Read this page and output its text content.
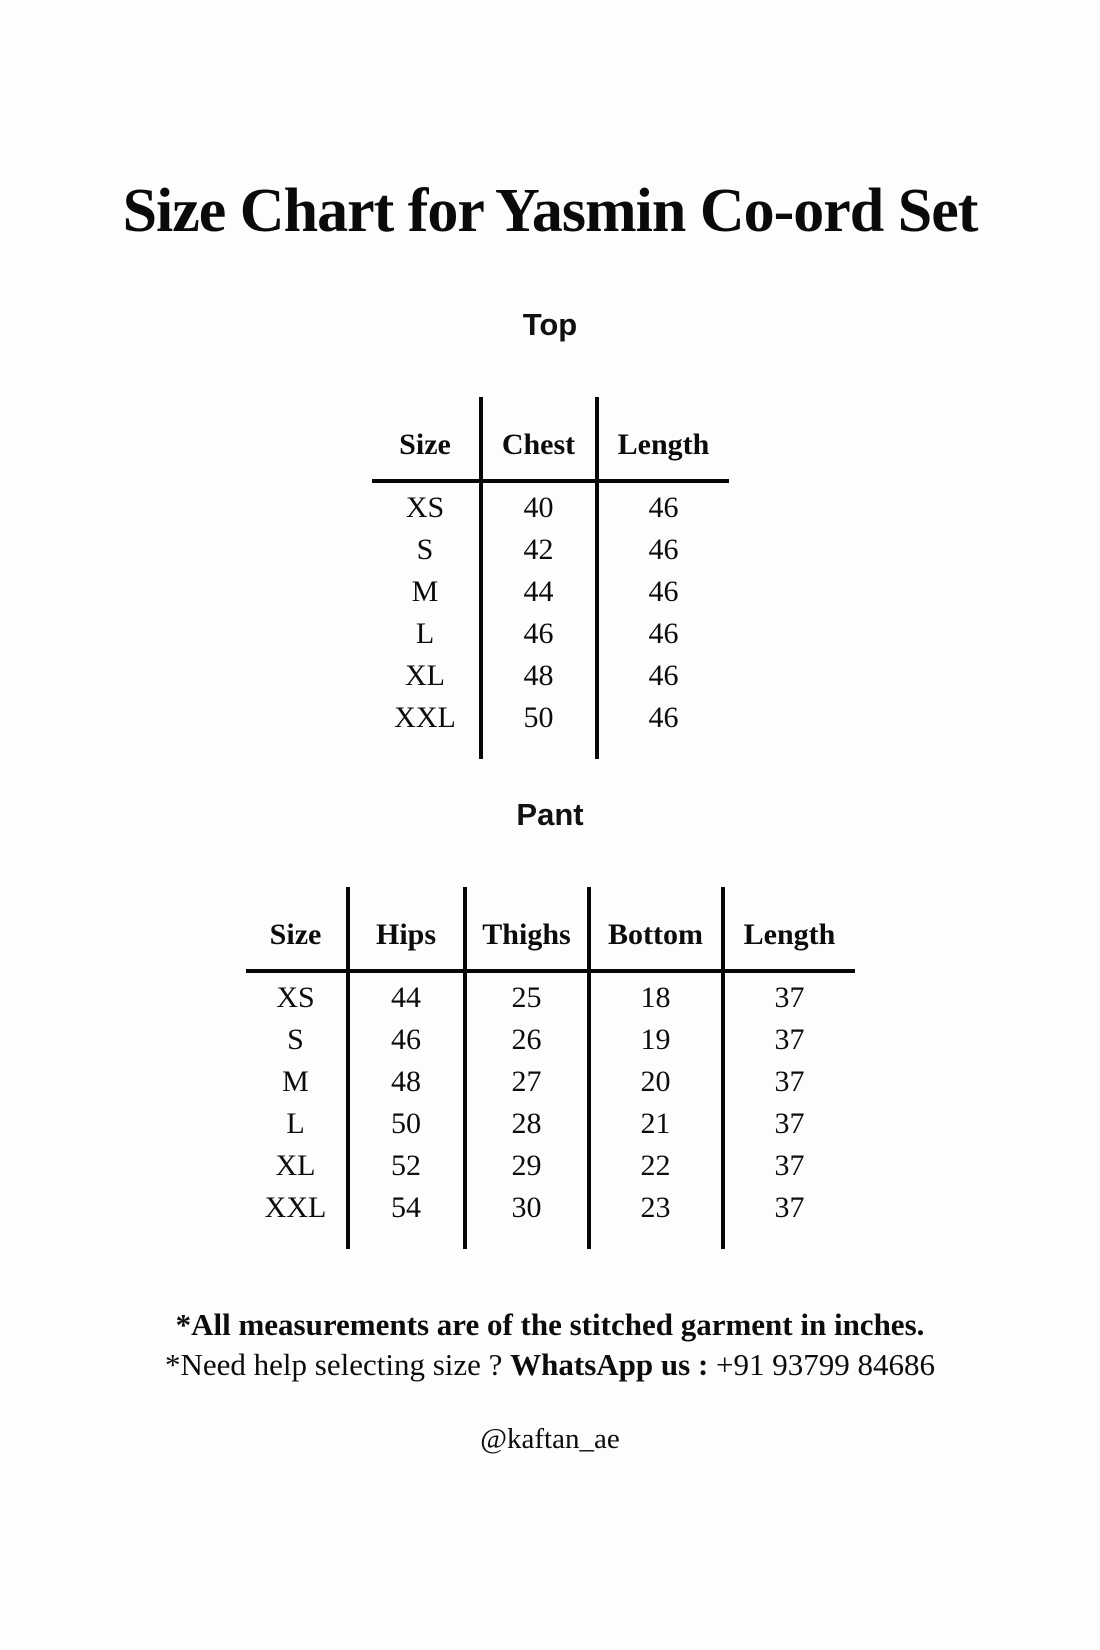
Size Chart for Yasmin Co-ord Set
Top
Size	Chest	Length
XS	40	46
S	42	46
M	44	46
L	46	46
XL	48	46
XXL	50	46
Pant
Size	Hips	Thighs	Bottom	Length
XS	44	25	18	37
S	46	26	19	37
M	48	27	20	37
L	50	28	21	37
XL	52	29	22	37
XXL	54	30	23	37

*All measurements are of the stitched garment in inches.

*Need help selecting size ? WhatsApp us : +91 93799 84686

@kaftan_ae
